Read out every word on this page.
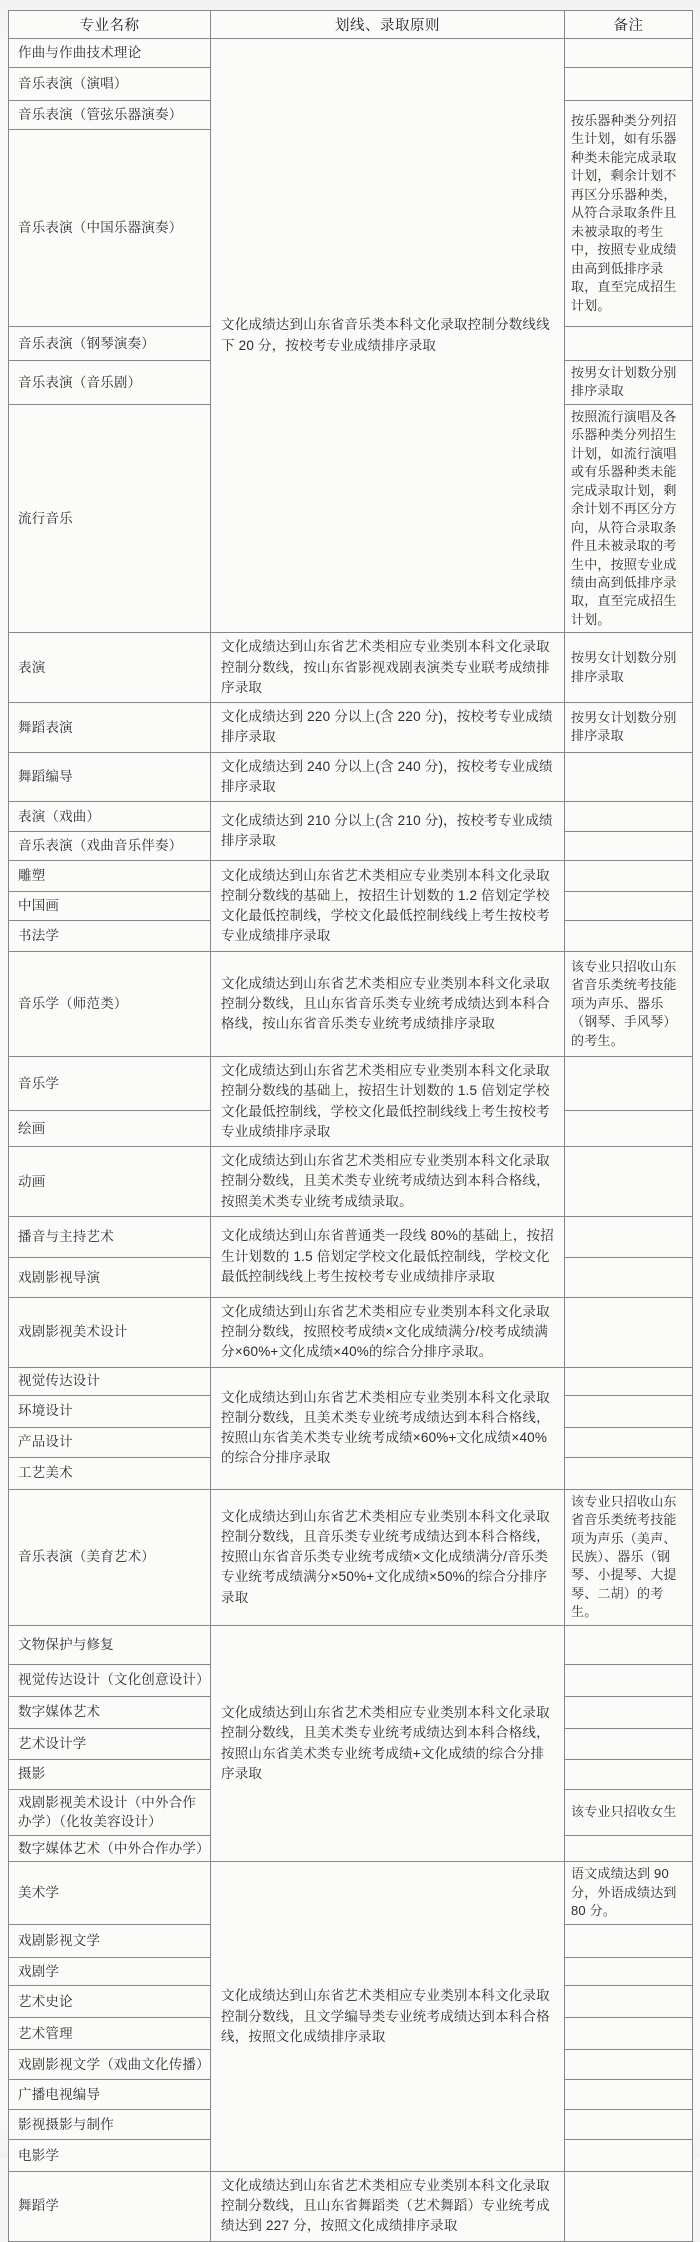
专业名称	划线、录取原则	备注
作曲与作曲技术理论	文化成绩达到山东省音乐类本科文化录取控制分数线线下 20 分，按校考专业成绩排序录取	
音乐表演（演唱）		
音乐表演（管弦乐器演奏）		按乐器种类分列招生计划，如有乐器种类未能完成录取计划，剩余计划不再区分乐器种类，从符合录取条件且未被录取的考生中，按照专业成绩由高到低排序录取，直至完成招生计划。
音乐表演（中国乐器演奏）		
音乐表演（钢琴演奏）		
音乐表演（音乐剧）		按男女计划数分别排序录取
流行音乐		按照流行演唱及各乐器种类分列招生计划，如流行演唱或有乐器种类未能完成录取计划，剩余计划不再区分方向，从符合录取条件且未被录取的考生中，按照专业成绩由高到低排序录取，直至完成招生计划。
表演	文化成绩达到山东省艺术类相应专业类别本科文化录取控制分数线，按山东省影视戏剧表演类专业联考成绩排序录取	按男女计划数分别排序录取
舞蹈表演	文化成绩达到 220 分以上(含 220 分)，按校考专业成绩排序录取	按男女计划数分别排序录取
舞蹈编导	文化成绩达到 240 分以上(含 240 分)，按校考专业成绩排序录取	
表演（戏曲）	文化成绩达到 210 分以上(含 210 分)，按校考专业成绩排序录取	
音乐表演（戏曲音乐伴奏）		
雕塑	文化成绩达到山东省艺术类相应专业类别本科文化录取控制分数线的基础上，按招生计划数的 1.2 倍划定学校文化最低控制线，学校文化最低控制线线上考生按校考专业成绩排序录取	
中国画		
书法学		
音乐学（师范类）	文化成绩达到山东省艺术类相应专业类别本科文化录取控制分数线，且山东省音乐类专业统考成绩达到本科合格线，按山东省音乐类专业统考成绩排序录取	该专业只招收山东省音乐类统考技能项为声乐、器乐（钢琴、手风琴）的考生。
音乐学	文化成绩达到山东省艺术类相应专业类别本科文化录取控制分数线的基础上，按招生计划数的 1.5 倍划定学校文化最低控制线，学校文化最低控制线线上考生按校考专业成绩排序录取	
绘画		
动画	文化成绩达到山东省艺术类相应专业类别本科文化录取控制分数线，且美术类专业统考成绩达到本科合格线，按照美术类专业统考成绩录取。	
播音与主持艺术	文化成绩达到山东省普通类一段线 80%的基础上，按招生计划数的 1.5 倍划定学校文化最低控制线，学校文化最低控制线线上考生按校考专业成绩排序录取	
戏剧影视导演		
戏剧影视美术设计	文化成绩达到山东省艺术类相应专业类别本科文化录取控制分数线，按照校考成绩×文化成绩满分/校考成绩满分×60%+文化成绩×40%的综合分排序录取。	
视觉传达设计	文化成绩达到山东省艺术类相应专业类别本科文化录取控制分数线，且美术类专业统考成绩达到本科合格线，按照山东省美术类专业统考成绩×60%+文化成绩×40%的综合分排序录取	
环境设计		
产品设计		
工艺美术		
音乐表演（美育艺术）	文化成绩达到山东省艺术类相应专业类别本科文化录取控制分数线，且音乐类专业统考成绩达到本科合格线，按照山东省音乐类专业统考成绩×文化成绩满分/音乐类专业统考成绩满分×50%+文化成绩×50%的综合分排序录取	该专业只招收山东省音乐类统考技能项为声乐（美声、民族）、器乐（钢琴、小提琴、大提琴、二胡）的考生。
文物保护与修复	文化成绩达到山东省艺术类相应专业类别本科文化录取控制分数线，且美术类专业统考成绩达到本科合格线，按照山东省美术类专业统考成绩+文化成绩的综合分排序录取	
视觉传达设计（文化创意设计）		
数字媒体艺术		
艺术设计学		
摄影		
戏剧影视美术设计（中外合作办学）（化妆美容设计）		该专业只招收女生
数字媒体艺术（中外合作办学）		
美术学	文化成绩达到山东省艺术类相应专业类别本科文化录取控制分数线，且文学编导类专业统考成绩达到本科合格线，按照文化成绩排序录取	语文成绩达到 90 分，外语成绩达到 80 分。
戏剧影视文学		
戏剧学		
艺术史论		
艺术管理		
戏剧影视文学（戏曲文化传播）		
广播电视编导		
影视摄影与制作		
电影学		
舞蹈学	文化成绩达到山东省艺术类相应专业类别本科文化录取控制分数线，且山东省舞蹈类（艺术舞蹈）专业统考成绩达到 227 分，按照文化成绩排序录取	
